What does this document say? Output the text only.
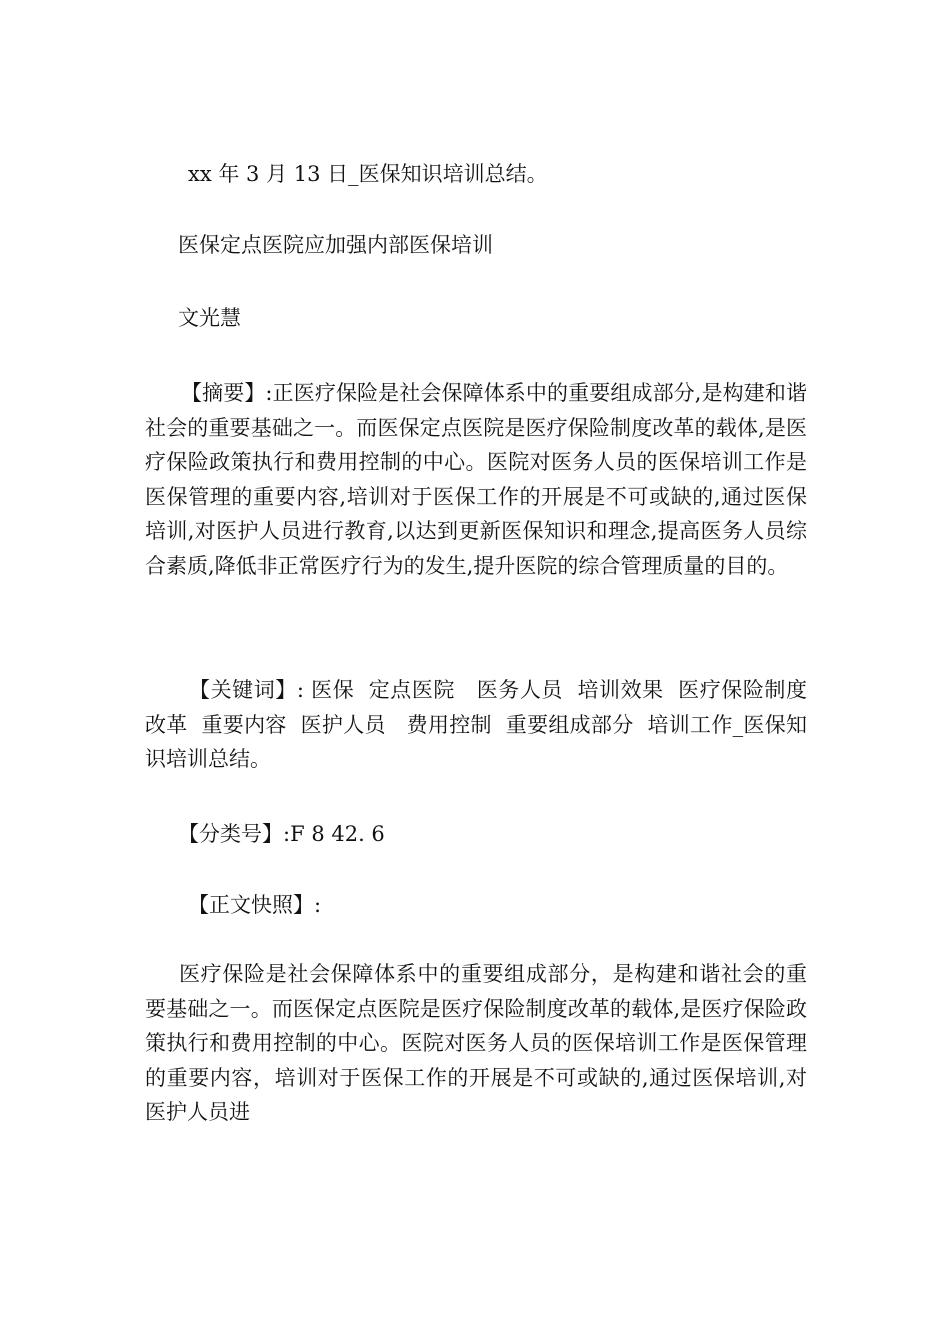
xx 年 3 月 13 日_医保知识培训总结。
医保定点医院应加强内部医保培训
文光慧
【摘要】:正医疗保险是社会保障体系中的重要组成部分,是构建和谐社会的重要基础之一。而医保定点医院是医疗保险制度改革的载体,是医疗保险政策执行和费用控制的中心。医院对医务人员的医保培训工作是医保管理的重要内容,培训对于医保工作的开展是不可或缺的,通过医保培训,对医护人员进行教育,以达到更新医保知识和理念,提高医务人员综合素质,降低非正常医疗行为的发生,提升医院的综合管理质量的目的。
【关键词】: 医保  定点医院   医务人员  培训效果  医疗保险制度改革  重要内容  医护人员   费用控制  重要组成部分  培训工作_医保知识培训总结。
【分类号】:F 8 42. 6
【正文快照】:
医疗保险是社会保障体系中的重要组成部分，是构建和谐社会的重要基础之一。而医保定点医院是医疗保险制度改革的载体,是医疗保险政策执行和费用控制的中心。医院对医务人员的医保培训工作是医保管理的重要内容，培训对于医保工作的开展是不可或缺的,通过医保培训,对医护人员进
